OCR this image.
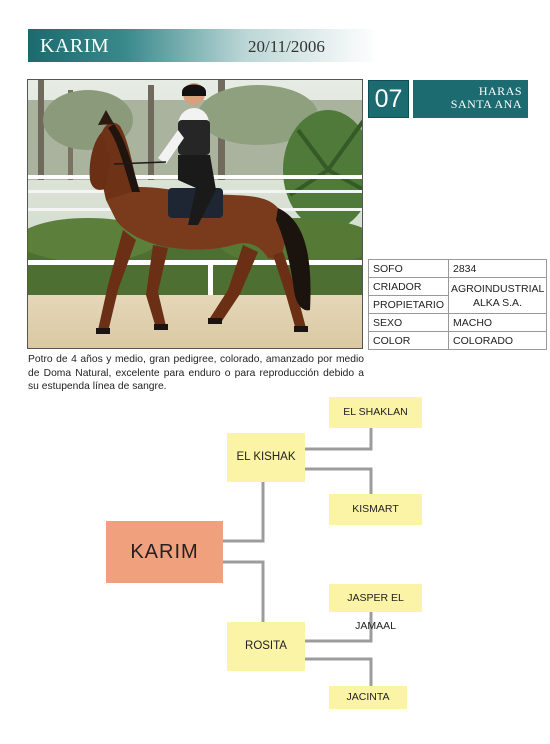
KARIM	20/11/2006
07	HARAS
SANTA ANA
SOFO	2834
CRIADOR	AGROINDUSTRIAL ALKA S.A.
PROPIETARIO	
SEXO	MACHO
COLOR	COLORADO
Potro de 4 años y medio, gran pedigree, colorado, amanzado por medio de Doma Natural, excelente para enduro o para reproducción debido a su estupenda línea de sangre.
KARIM
EL KISHAK
ROSITA
EL SHAKLAN
KISMART
JASPER EL JAMAAL
JACINTA
